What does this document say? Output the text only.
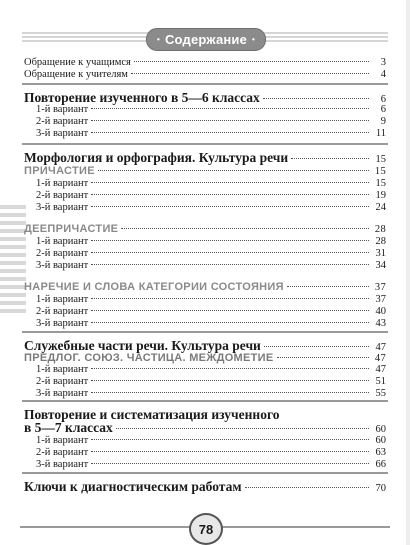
• Содержание •
Обращение к учащимся	3
Обращение к учителям	4
Повторение изученного в 5—6 классах	6
1-й вариант	6
2-й вариант	9
3-й вариант	11
Морфология и орфография. Культура речи	15
ПРИЧАСТИЕ	15
1-й вариант	15
2-й вариант	19
3-й вариант	24
ДЕЕПРИЧАСТИЕ	28
1-й вариант	28
2-й вариант	31
3-й вариант	34
НАРЕЧИЕ И СЛОВА КАТЕГОРИИ СОСТОЯНИЯ	37
1-й вариант	37
2-й вариант	40
3-й вариант	43
Служебные части речи. Культура речи	47
ПРЕДЛОГ. СОЮЗ. ЧАСТИЦА. МЕЖДОМЕТИЕ	47
1-й вариант	47
2-й вариант	51
3-й вариант	55
Повторение и систематизация изученного
в 5—7 классах	60
1-й вариант	60
2-й вариант	63
3-й вариант	66
Ключи к диагностическим работам	70
78
